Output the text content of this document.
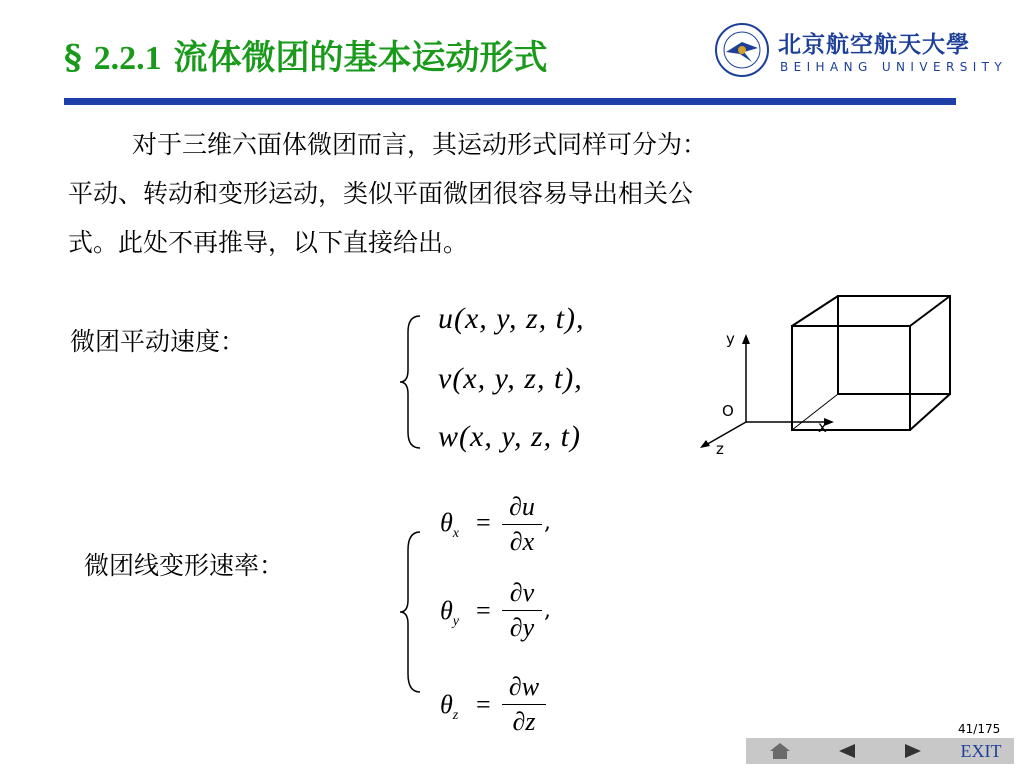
§ 2.2.1 流体微团的基本运动形式	北京航空航天大學
BEIHANG UNIVERSITY
对于三维六面体微团而言，其运动形式同样可分为：
平动、转动和变形运动，类似平面微团很容易导出相关公
式。此处不再推导，以下直接给出。
微团平动速度：
u(x, y, z, t),
v(x, y, z, t),
w(x, y, z, t)
y
x
z
O
微团线变形速率：
$\theta_x$ =
∂u
∂x
,
$\theta_y$ =
∂v
∂y
,
$\theta_z$ =
∂w
∂z	41/175
EXIT
